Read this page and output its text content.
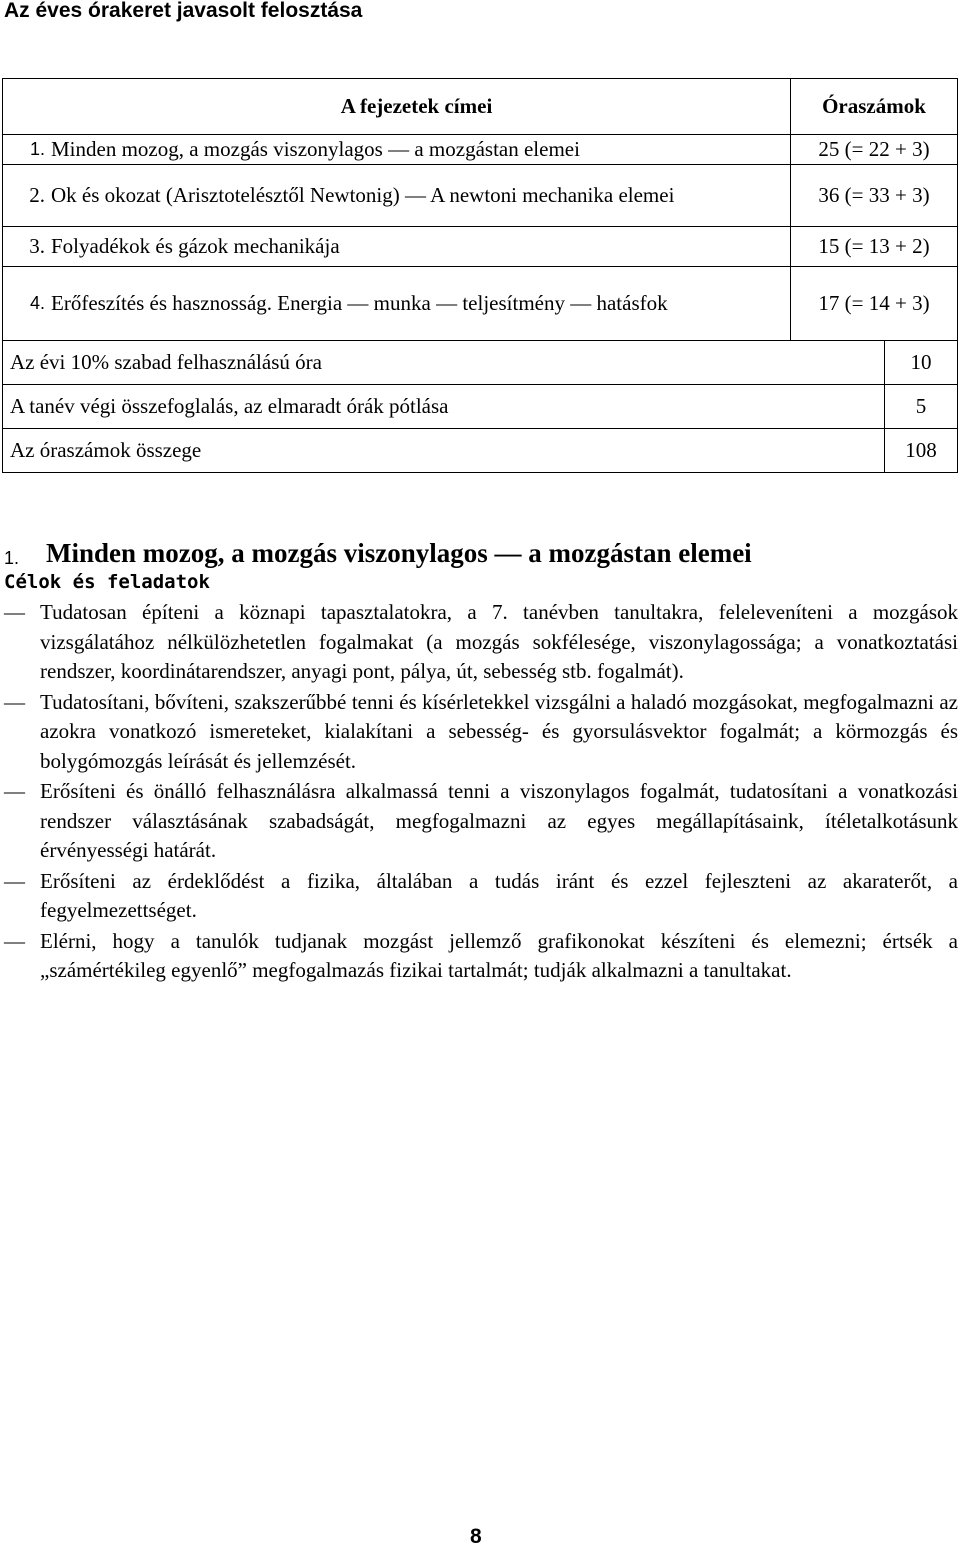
Az éves órakeret javasolt felosztása
A fejezetek címei	Óraszámok	

1. Minden mozog, a mozgás viszonylagos ― a mozgástan elemei	25 (= 22 + 3)	

2. Ok és okozat (Arisztotelésztől Newtonig) ― A newtoni mechanika elemei	36 (= 33 + 3)	

3. Folyadékok és gázok mechanikája	15 (= 13 + 2)	

4. Erőfeszítés és hasznosság. Energia ― munka ― teljesítmény ― hatásfok	17 (= 14 + 3)	
Az évi 10% szabad felhasználású óra		10
A tanév végi összefoglalás, az elmaradt órák pótlása		5
Az óraszámok összege		108
1. Minden mozog, a mozgás viszonylagos ― a mozgástan elemei
Célok és feladatok
― Tudatosan építeni a köznapi tapasztalatokra, a 7. tanévben tanultakra, feleleveníteni a mozgások vizsgálatához nélkülözhetetlen fogalmakat (a mozgás sokfélesége, viszonylagossága; a vonatkoztatási rendszer, koordinátarendszer, anyagi pont, pálya, út, sebesség stb. fogalmát).
― Tudatosítani, bővíteni, szakszerűbbé tenni és kísérletekkel vizsgálni a haladó mozgásokat, megfogalmazni az azokra vonatkozó ismereteket, kialakítani a sebesség- és gyorsulásvektor fogalmát; a körmozgás és bolygómozgás leírását és jellemzését.
― Erősíteni és önálló felhasználásra alkalmassá tenni a viszonylagos fogalmát, tudatosítani a vonatkozási rendszer választásának szabadságát, megfogalmazni az egyes megállapításaink, ítéletalkotásunk érvényességi határát.
― Erősíteni az érdeklődést a fizika, általában a tudás iránt és ezzel fejleszteni az akaraterőt, a fegyelmezettséget.
― Elérni, hogy a tanulók tudjanak mozgást jellemző grafikonokat készíteni és elemezni; értsék a „számértékileg egyenlő” megfogalmazás fizikai tartalmát; tudják alkalmazni a tanultakat.

8
